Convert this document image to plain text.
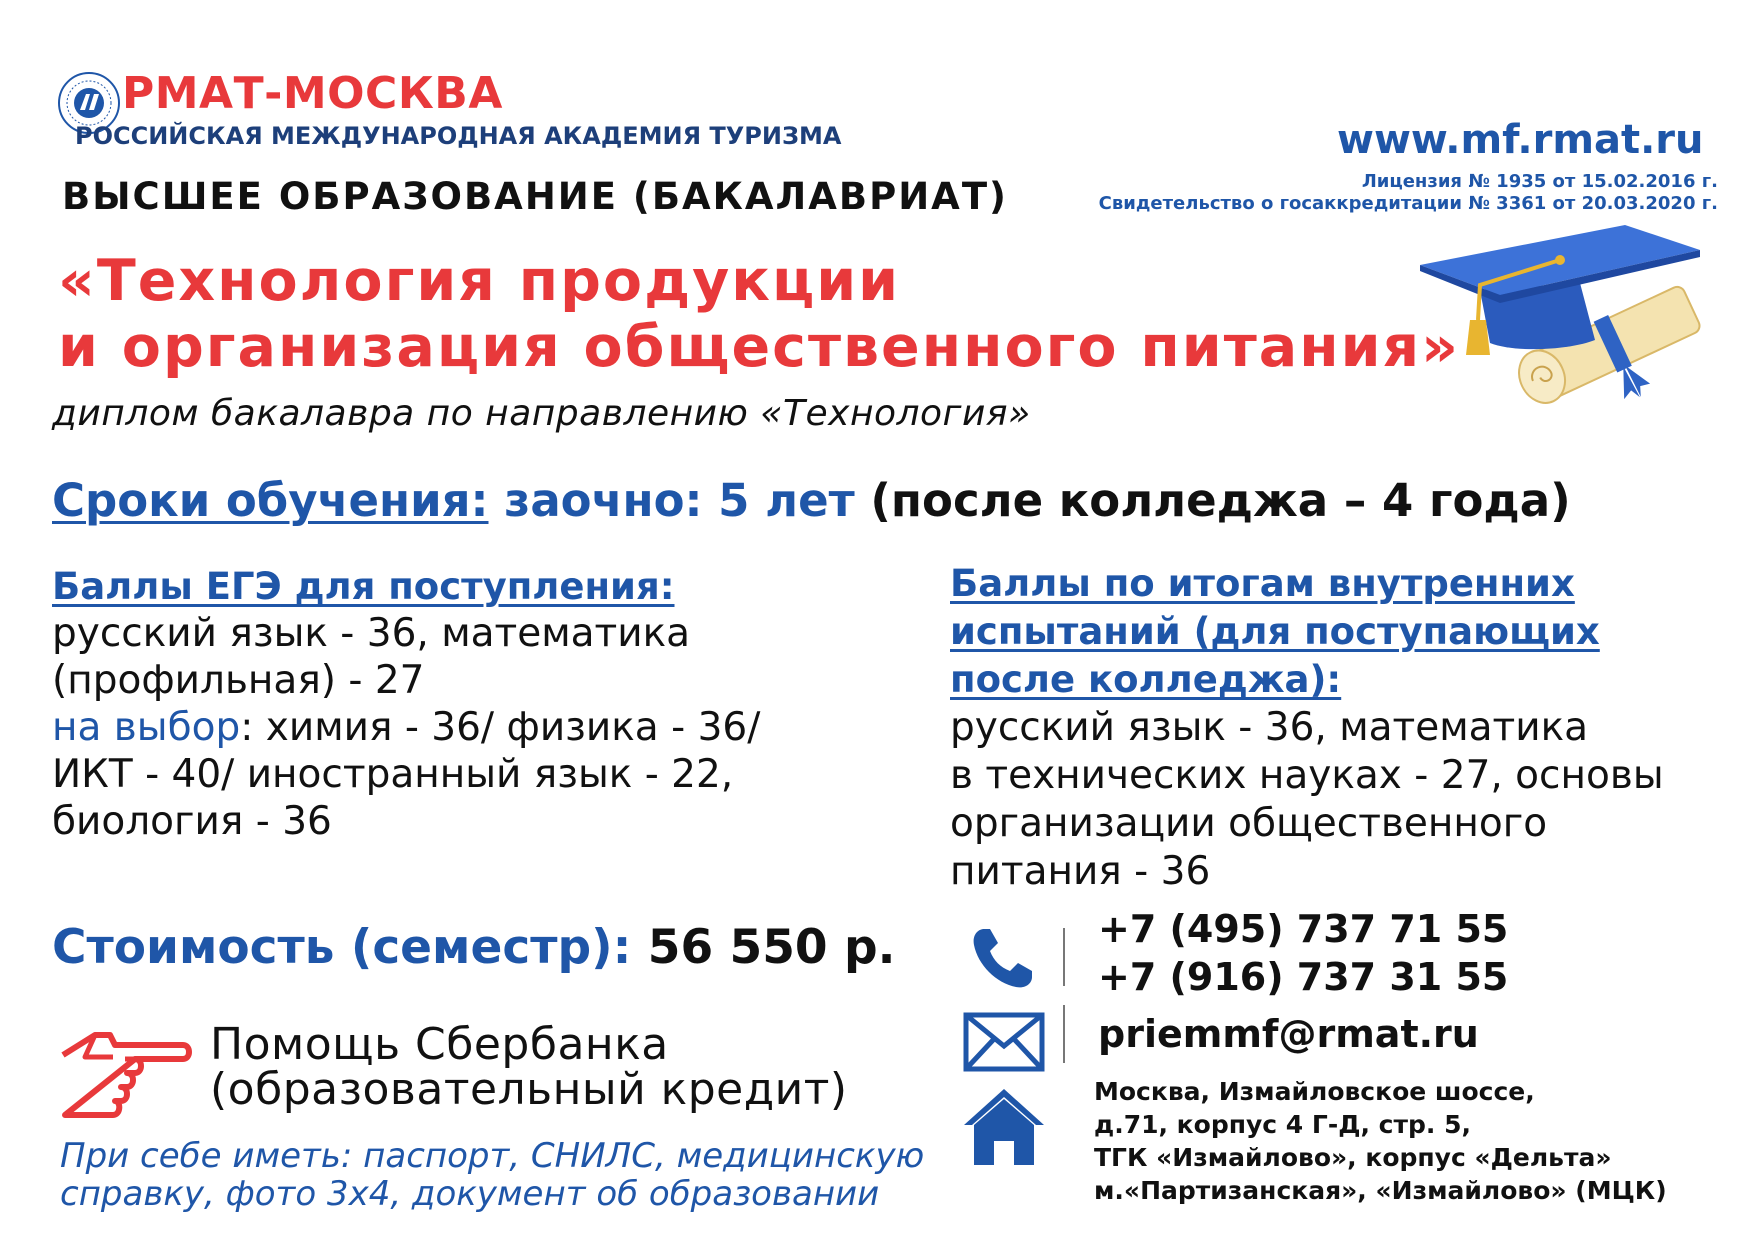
РМАТ-МОСКВА
РОССИЙСКАЯ МЕЖДУНАРОДНАЯ АКАДЕМИЯ ТУРИЗМА
ВЫСШЕЕ ОБРАЗОВАНИЕ (БАКАЛАВРИАТ)
www.mf.rmat.ru
Лицензия № 1935 от 15.02.2016 г.
Свидетельство о госаккредитации № 3361 от 20.03.2020 г.
«Технология продукции
и организация общественного питания»
диплом бакалавра по направлению «Технология»
Сроки обучения: заочно: 5 лет (после колледжа – 4 года)
Баллы ЕГЭ для поступления:
русский язык - 36, математика
(профильная) - 27
на выбор: химия - 36/ физика - 36/
ИКТ - 40/ иностранный язык - 22,
биология - 36
Баллы по итогам внутренних
испытаний (для поступающих
после колледжа):
русский язык - 36, математика
в технических науках - 27, основы
организации общественного
питания - 36
Стоимость (семестр): 56 550 р.
Помощь Сбербанка
(образовательный кредит)
При себе иметь: паспорт, СНИЛС, медицинскую
справку, фото 3х4, документ об образовании
+7 (495) 737 71 55
+7 (916) 737 31 55
priemmf@rmat.ru
Москва, Измайловское шоссе,
д.71, корпус 4 Г-Д, стр. 5,
ТГК «Измайлово», корпус «Дельта»
м.«Партизанская», «Измайлово» (МЦК)
